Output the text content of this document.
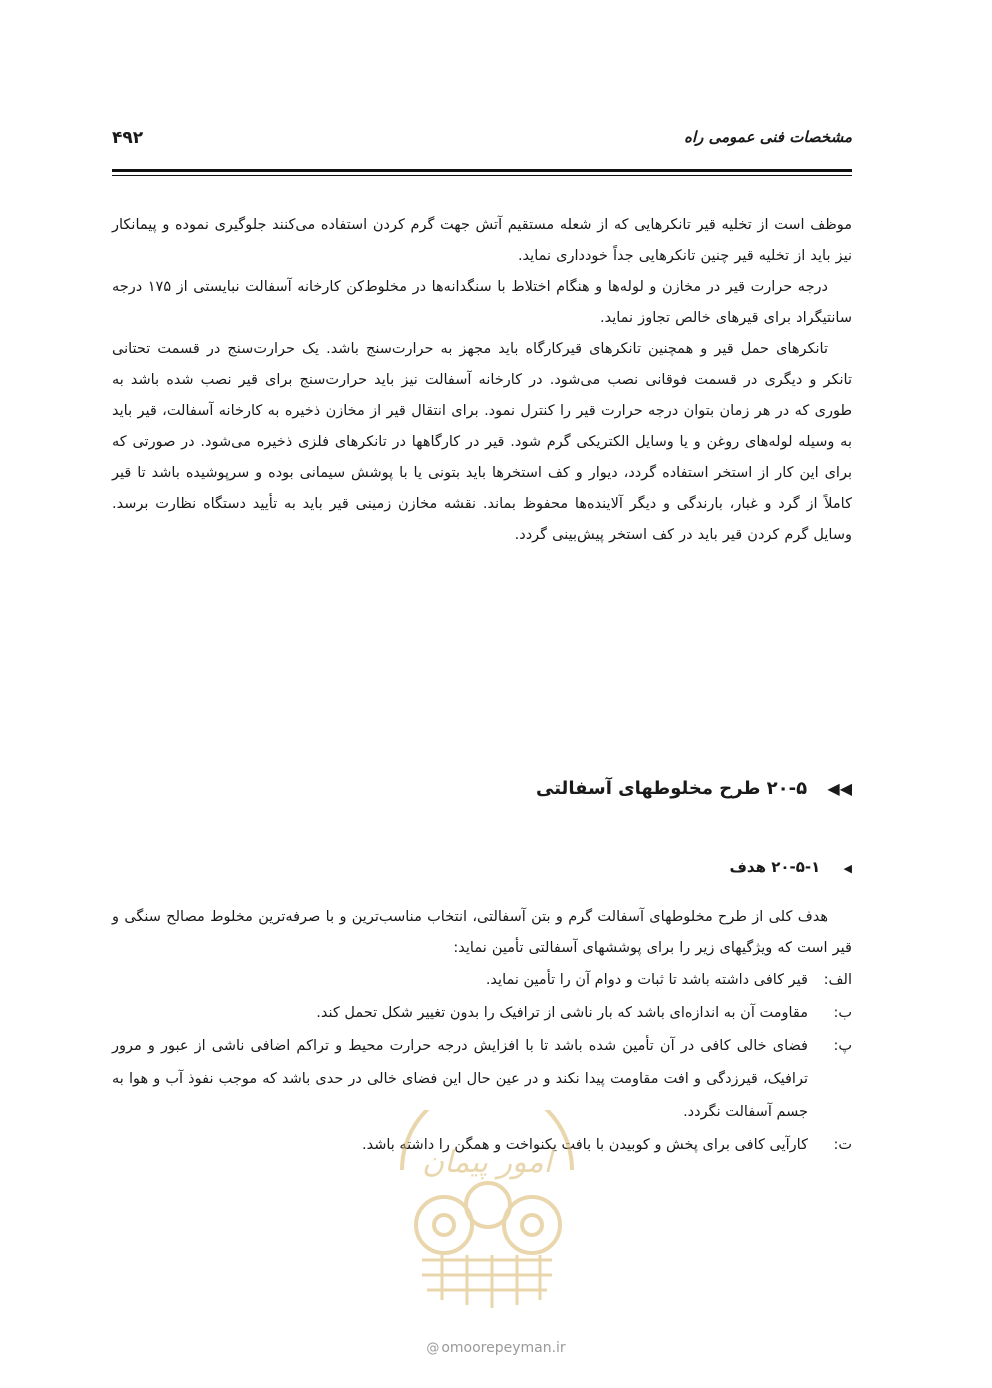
مشخصات فنی عمومی راه
۴۹۲

موظف است از تخلیه قیر تانکرهایی که از شعله مستقیم آتش جهت گرم کردن استفاده می‌کنند جلوگیری نموده و پیمانکار نیز باید از تخلیه قیر چنین تانکرهایی جداً خودداری نماید.

درجه حرارت قیر در مخازن و لوله‌ها و هنگام اختلاط با سنگدانه‌ها در مخلوط‌کن کارخانه آسفالت نبایستی از ۱۷۵ درجه سانتیگراد برای قیرهای خالص تجاوز نماید.

تانکرهای حمل قیر و همچنین تانکرهای قیرکارگاه باید مجهز به حرارت‌سنج باشد. یک حرارت‌سنج در قسمت تحتانی تانکر و دیگری در قسمت فوقانی نصب می‌شود. در کارخانه آسفالت نیز باید حرارت‌سنج برای قیر نصب شده باشد به طوری که در هر زمان بتوان درجه حرارت قیر را کنترل نمود. برای انتقال قیر از مخازن ذخیره به کارخانه آسفالت، قیر باید به وسیله لوله‌های روغن و یا وسایل الکتریکی گرم شود. قیر در کارگاهها در تانکرهای فلزی ذخیره می‌شود. در صورتی که برای این کار از استخر استفاده گردد، دیوار و کف استخرها باید بتونی یا با پوشش سیمانی بوده و سرپوشیده باشد تا قیر کاملاً از گرد و غبار، بارندگی و دیگر آلاینده‌ها محفوظ بماند. نقشه مخازن زمینی قیر باید به تأیید دستگاه نظارت برسد. وسایل گرم کردن قیر باید در کف استخر پیش‌بینی گردد.

◀◀ ۲۰-۵ طرح مخلوطهای آسفالتی
◀ ۲۰-۵-۱ هدف

هدف کلی از طرح مخلوطهای آسفالت گرم و بتن آسفالتی، انتخاب مناسب‌ترین و با صرفه‌ترین مخلوط مصالح سنگی و قیر است که ویژگیهای زیر را برای پوششهای آسفالتی تأمین نماید:

الف:
قیر کافی داشته باشد تا ثبات و دوام آن را تأمین نماید.
ب:
مقاومت آن به اندازه‌ای باشد که بار ناشی از ترافیک را بدون تغییر شکل تحمل کند.
پ:
فضای خالی کافی در آن تأمین شده باشد تا با افزایش درجه حرارت محیط و تراکم اضافی ناشی از عبور و مرور ترافیک، قیرزدگی و افت مقاومت پیدا نکند و در عین حال این فضای خالی در حدی باشد که موجب نفوذ آب و هوا به جسم آسفالت نگردد.
ت:
کارآیی کافی برای پخش و کوبیدن با بافت یکنواخت و همگن را داشته باشد.
امور پیمان
@ omoorepeyman.ir
